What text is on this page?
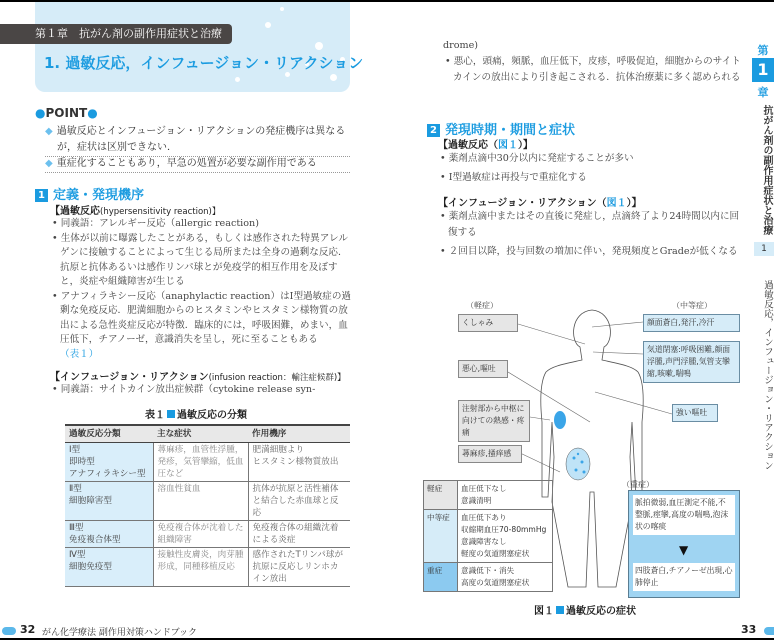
第１章　抗がん剤の副作用症状と治療
1. 過敏反応，インフュージョン・リアクション
●POINT●
◆ 過敏反応とインフュージョン・リアクションの発症機序は異なるが，症状は区別できない．
◆ 重症化することもあり，早急の処置が必要な副作用である
1 定義・発現機序
【過敏反応(hypersensitivity reaction)】
• 同義語：アレルギー反応（allergic reaction)
• 生体が以前に曝露したことがある，もしくは感作された特異アレルゲンに接触することによって生じる局所または全身の過剰な反応．抗原と抗体あるいは感作リンパ球とが免疫学的相互作用を及ぼすと，炎症や組織障害が生じる
• アナフィラキシー反応（anaphylactic reaction）はⅠ型過敏症の過剰な免疫反応．肥満細胞からのヒスタミンやヒスタミン様物質の放出による急性炎症反応が特徴．臨床的には，呼吸困難，めまい，血圧低下，チアノーゼ，意識消失を呈し，死に至ることもある（表１）
【インフュージョン・リアクション(infusion reaction：輸注症候群)】
• 同義語：サイトカイン放出症候群（cytokine release syn-
表１ 過敏反応の分類
過敏反応分類	主な症状	作用機序
Ⅰ型
即時型
アナフィラキシー型	蕁麻疹，血管性浮腫，発疹，気管攣縮，低血圧など	肥満細胞より
ヒスタミン様物質放出
Ⅱ型
細胞障害型	溶血性貧血	抗体が抗原と活性補体と結合した赤血球と反応
Ⅲ型
免疫複合体型	免疫複合体が沈着した組織障害	免疫複合体の組織沈着による炎症
Ⅳ型
細胞免疫型	接触性皮膚炎，肉芽腫形成，同種移植反応	感作されたTリンパ球が抗原に反応しリンホカイン放出
32 がん化学療法 副作用対策ハンドブック
drome)
• 悪心，頭痛，頻脈，血圧低下，皮疹，呼吸促迫，細胞からのサイトカインの放出により引き起こされる．抗体治療薬に多く認められる
2 発現時期・期間と症状
【過敏反応（図１）】
• 薬剤点滴中30分以内に発症することが多い
• Ⅰ型過敏症は再投与で重症化する
【インフュージョン・リアクション（図１）】
• 薬剤点滴中またはその直後に発症し，点滴終了より24時間以内に回復する
• ２回目以降，投与回数の増加に伴い，発現頻度とGradeが低くなる
（軽症）	（中等症）
（重症）
くしゃみ
悪心,嘔吐
注射部から中枢に向けての熱感・疼痛
蕁麻疹,掻痒感
顔面蒼白,発汗,冷汗
気道閉塞:呼吸困難,顔面浮腫,声門浮腫,気管支攣縮,咳嗽,喘鳴
強い嘔吐
軽症	血圧低下なし
意識清明
中等症	血圧低下あり
収縮期血圧70-80mmHg
意識障害なし
軽度の気道閉塞症状
重症	意識低下・消失
高度の気道閉塞症状
脈拍微弱,血圧測定不能,不整脈,痙攣,高度の喘鳴,泡沫状の喀痰
▼
四肢蒼白,チアノーゼ出現,心肺停止
図１ 過敏反応の症状
33
第
1
章
抗がん剤の副作用症状と治療
1
過敏反応，インフュージョン・リアクション
